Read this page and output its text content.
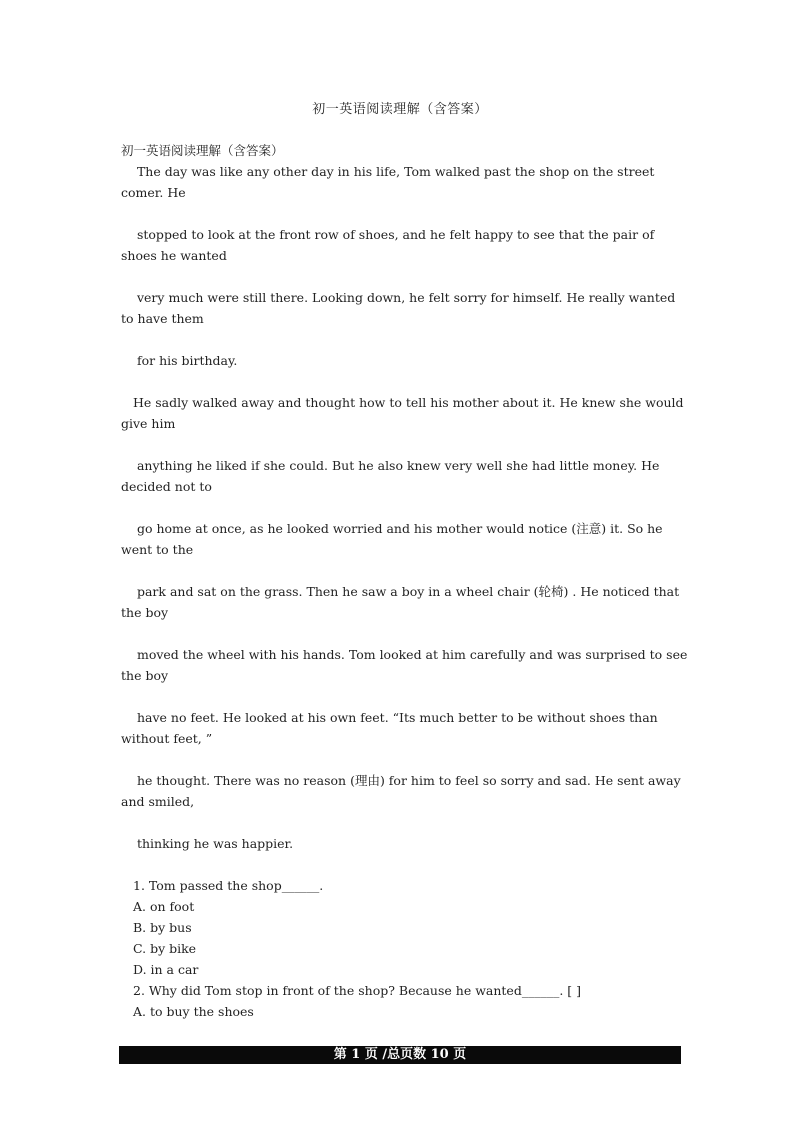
初一英语阅读理解（含答案）
初一英语阅读理解（含答案）
The day was like any other day in his life, Tom walked past the shop on the street
comer. He
stopped to look at the front row of shoes, and he felt happy to see that the pair of
shoes he wanted
very much were still there. Looking down, he felt sorry for himself. He really wanted
to have them
for his birthday.
He sadly walked away and thought how to tell his mother about it. He knew she would
give him
anything he liked if she could. But he also knew very well she had little money. He
decided not to
go home at once, as he looked worried and his mother would notice (注意) it. So he
went to the
park and sat on the grass. Then he saw a boy in a wheel chair (轮椅) . He noticed that
the boy
moved the wheel with his hands. Tom looked at him carefully and was surprised to see
the boy
have no feet. He looked at his own feet. “Its much better to be without shoes than
without feet, ”
he thought. There was no reason (理由) for him to feel so sorry and sad. He sent away
and smiled,
thinking he was happier.
1. Tom passed the shop______.
A. on foot
B. by bus
C. by bike
D. in a car
2. Why did Tom stop in front of the shop? Because he wanted______. [ ]
A. to buy the shoes
第 1 页 /总页数 10 页
